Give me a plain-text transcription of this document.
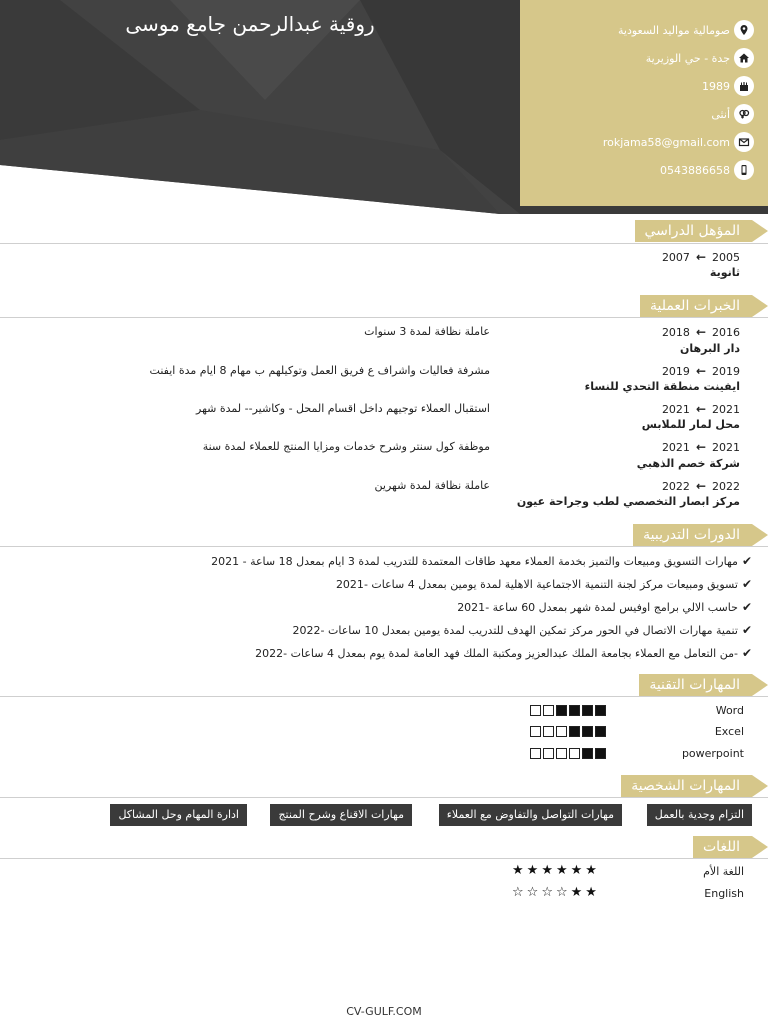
روقية عبدالرحمن جامع موسى	صومالية مواليد السعودية
جدة - حي الوزيرية
1989
أنثى
rokjama58@gmail.com
0543886658
المؤهل الدراسي
2007 ← 2005
ثانوية
الخبرات العملية
2018 ← 2016
دار البرهان
عاملة نظافة لمدة 3 سنوات
2019 ← 2019
ايفينت منطقة التحدي للنساء
مشرفة فعاليات واشراف ع فريق العمل وتوكيلهم ب مهام 8 ايام مدة ايفنت
2021 ← 2021
محل لمار للملابس
استقبال العملاء توجيهم داخل اقسام المحل - وكاشير-- لمدة شهر
2021 ← 2021
شركة خصم الذهبي
موظفة كول سنتر وشرح خدمات ومزايا المنتج للعملاء لمدة سنة
2022 ← 2022
مركز ابصار التخصصي لطب وجراحة عيون
عاملة نظافة لمدة شهرين
الدورات التدريبية
✔
مهارات التسويق ومبيعات والتميز بخدمة العملاء معهد طاقات المعتمدة للتدريب لمدة 3 ايام بمعدل 18 ساعة - 2021
✔
تسويق ومبيعات مركز لجنة التنمية الاجتماعية الاهلية لمدة يومين بمعدل 4 ساعات -2021
✔
حاسب الالي برامج اوفيس لمدة شهر بمعدل 60 ساعة -2021
✔
تنمية مهارات الاتصال في الحور مركز تمكين الهدف للتدريب لمدة يومين بمعدل 10 ساعات -2022
✔
-من التعامل مع العملاء بجامعة الملك عبدالعزيز ومكتبة الملك فهد العامة لمدة يوم بمعدل 4 ساعات -2022
المهارات التقنية
Word
Excel
powerpoint
المهارات الشخصية
التزام وجدية بالعمل
مهارات التواصل والتفاوض مع العملاء
مهارات الاقناع وشرح المنتج
ادارة المهام وحل المشاكل
اللغات
اللغة الأم
★ ★ ★ ★ ★ ★
English
☆ ☆ ☆ ☆ ★ ★
CV-GULF.COM
